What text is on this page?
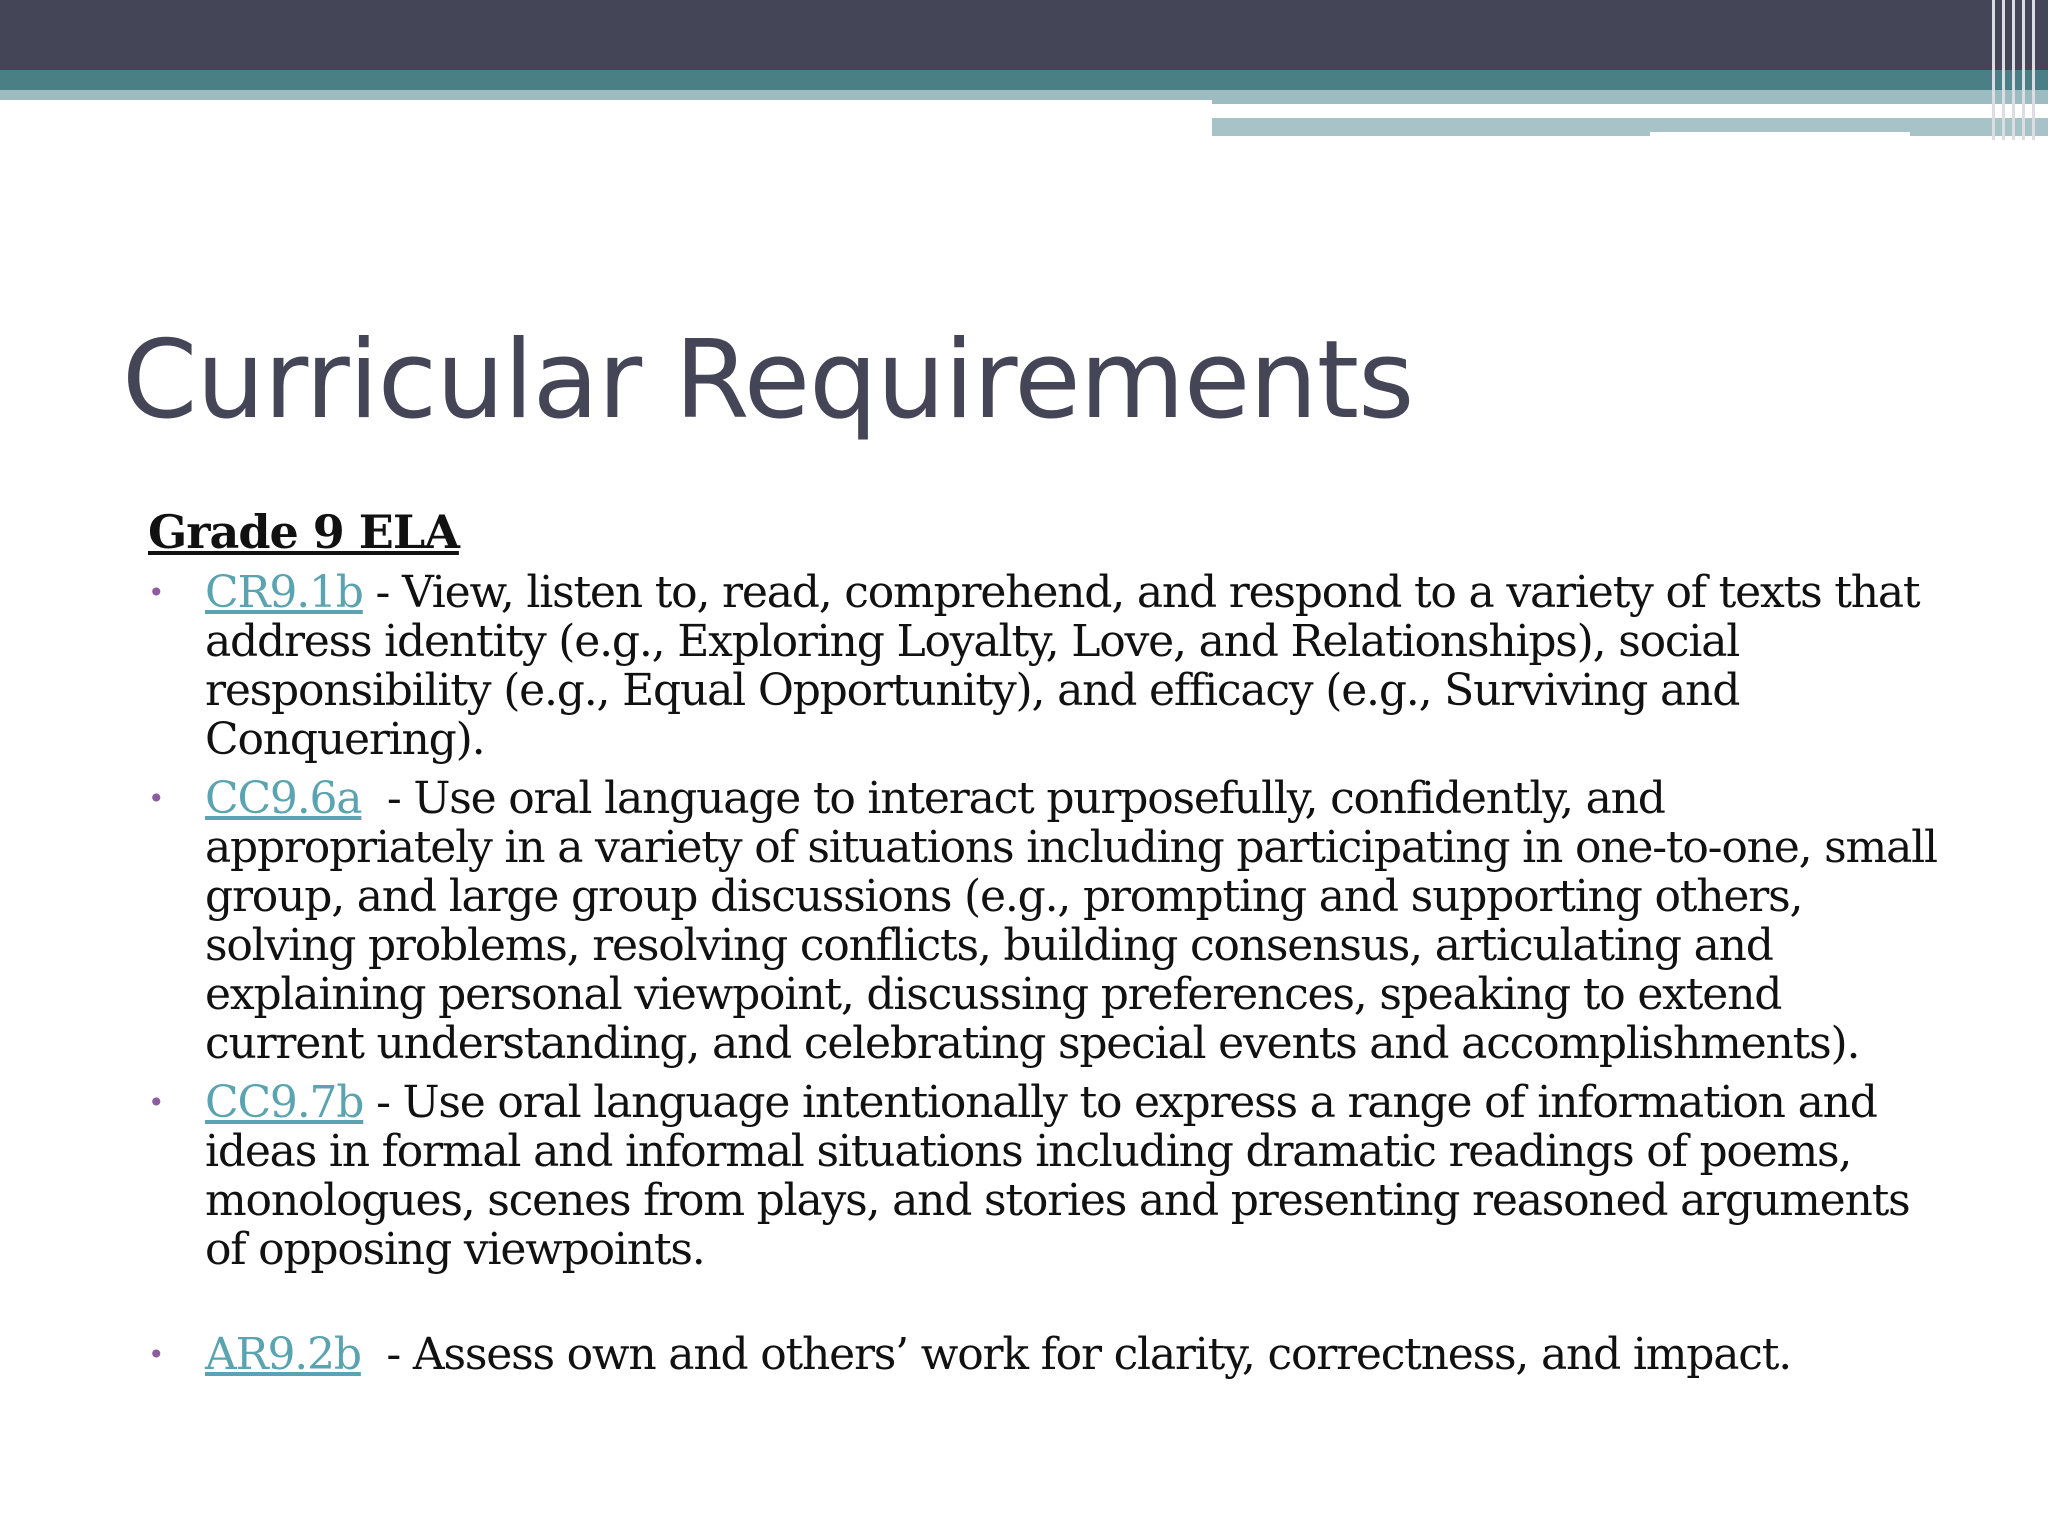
Curricular Requirements
Grade 9 ELA
• CR9.1b - View, listen to, read, comprehend, and respond to a variety of texts that address identity (e.g., Exploring Loyalty, Love, and Relationships), social responsibility (e.g., Equal Opportunity), and efficacy (e.g., Surviving and Conquering).
• CC9.6a  - Use oral language to interact purposefully, confidently, and appropriately in a variety of situations including participating in one-to-one, small group, and large group discussions (e.g., prompting and supporting others, solving problems, resolving conflicts, building consensus, articulating and explaining personal viewpoint, discussing preferences, speaking to extend current understanding, and celebrating special events and accomplishments).
• CC9.7b - Use oral language intentionally to express a range of information and ideas in formal and informal situations including dramatic readings of poems, monologues, scenes from plays, and stories and presenting reasoned arguments of opposing viewpoints.
• AR9.2b  - Assess own and others’ work for clarity, correctness, and impact.
